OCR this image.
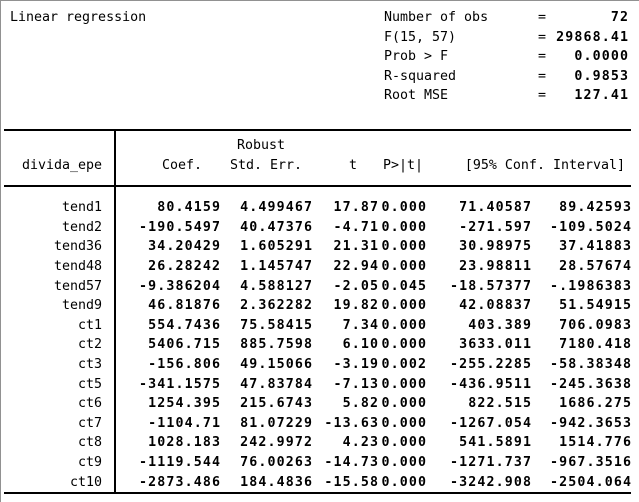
Linear regression	Number of obs	=	72
F(15, 57)	= 29868.41
Prob > F	=	0.0000
R-squared	=	0.9853
Root MSE	=	127.41
Robust
divida_epe	Coef.	Std. Err.	t	P>|t|	[95% Conf. Interval]
tend1	80.4159	4.499467	17.87 0.000	71.40587	89.42593
tend2	-190.5497	40.47376	-4.71 0.000	-271.597	-109.5024
tend36	34.20429	1.605291	21.31 0.000	30.98975	37.41883
tend48	26.28242	1.145747	22.94 0.000	23.98811	28.57674
tend57	-9.386204	4.588127	-2.05 0.045	-18.57377	-.1986383
tend9	46.81876	2.362282	19.82 0.000	42.08837	51.54915
ct1	554.7436	75.58415	7.34 0.000	403.389	706.0983
ct2	5406.715	885.7598	6.10 0.000	3633.011	7180.418
ct3	-156.806	49.15066	-3.19 0.002	-255.2285	-58.38348
ct5	-341.1575	47.83784	-7.13 0.000	-436.9511	-245.3638
ct6	1254.395	215.6743	5.82 0.000	822.515	1686.275
ct7	-1104.71	81.07229 -13.63 0.000	-1267.054	-942.3653
ct8	1028.183	242.9972	4.23 0.000	541.5891	1514.776
ct9	-1119.544	76.00263 -14.73 0.000	-1271.737	-967.3516
ct10	-2873.486	184.4836 -15.58 0.000	-3242.908	-2504.064
